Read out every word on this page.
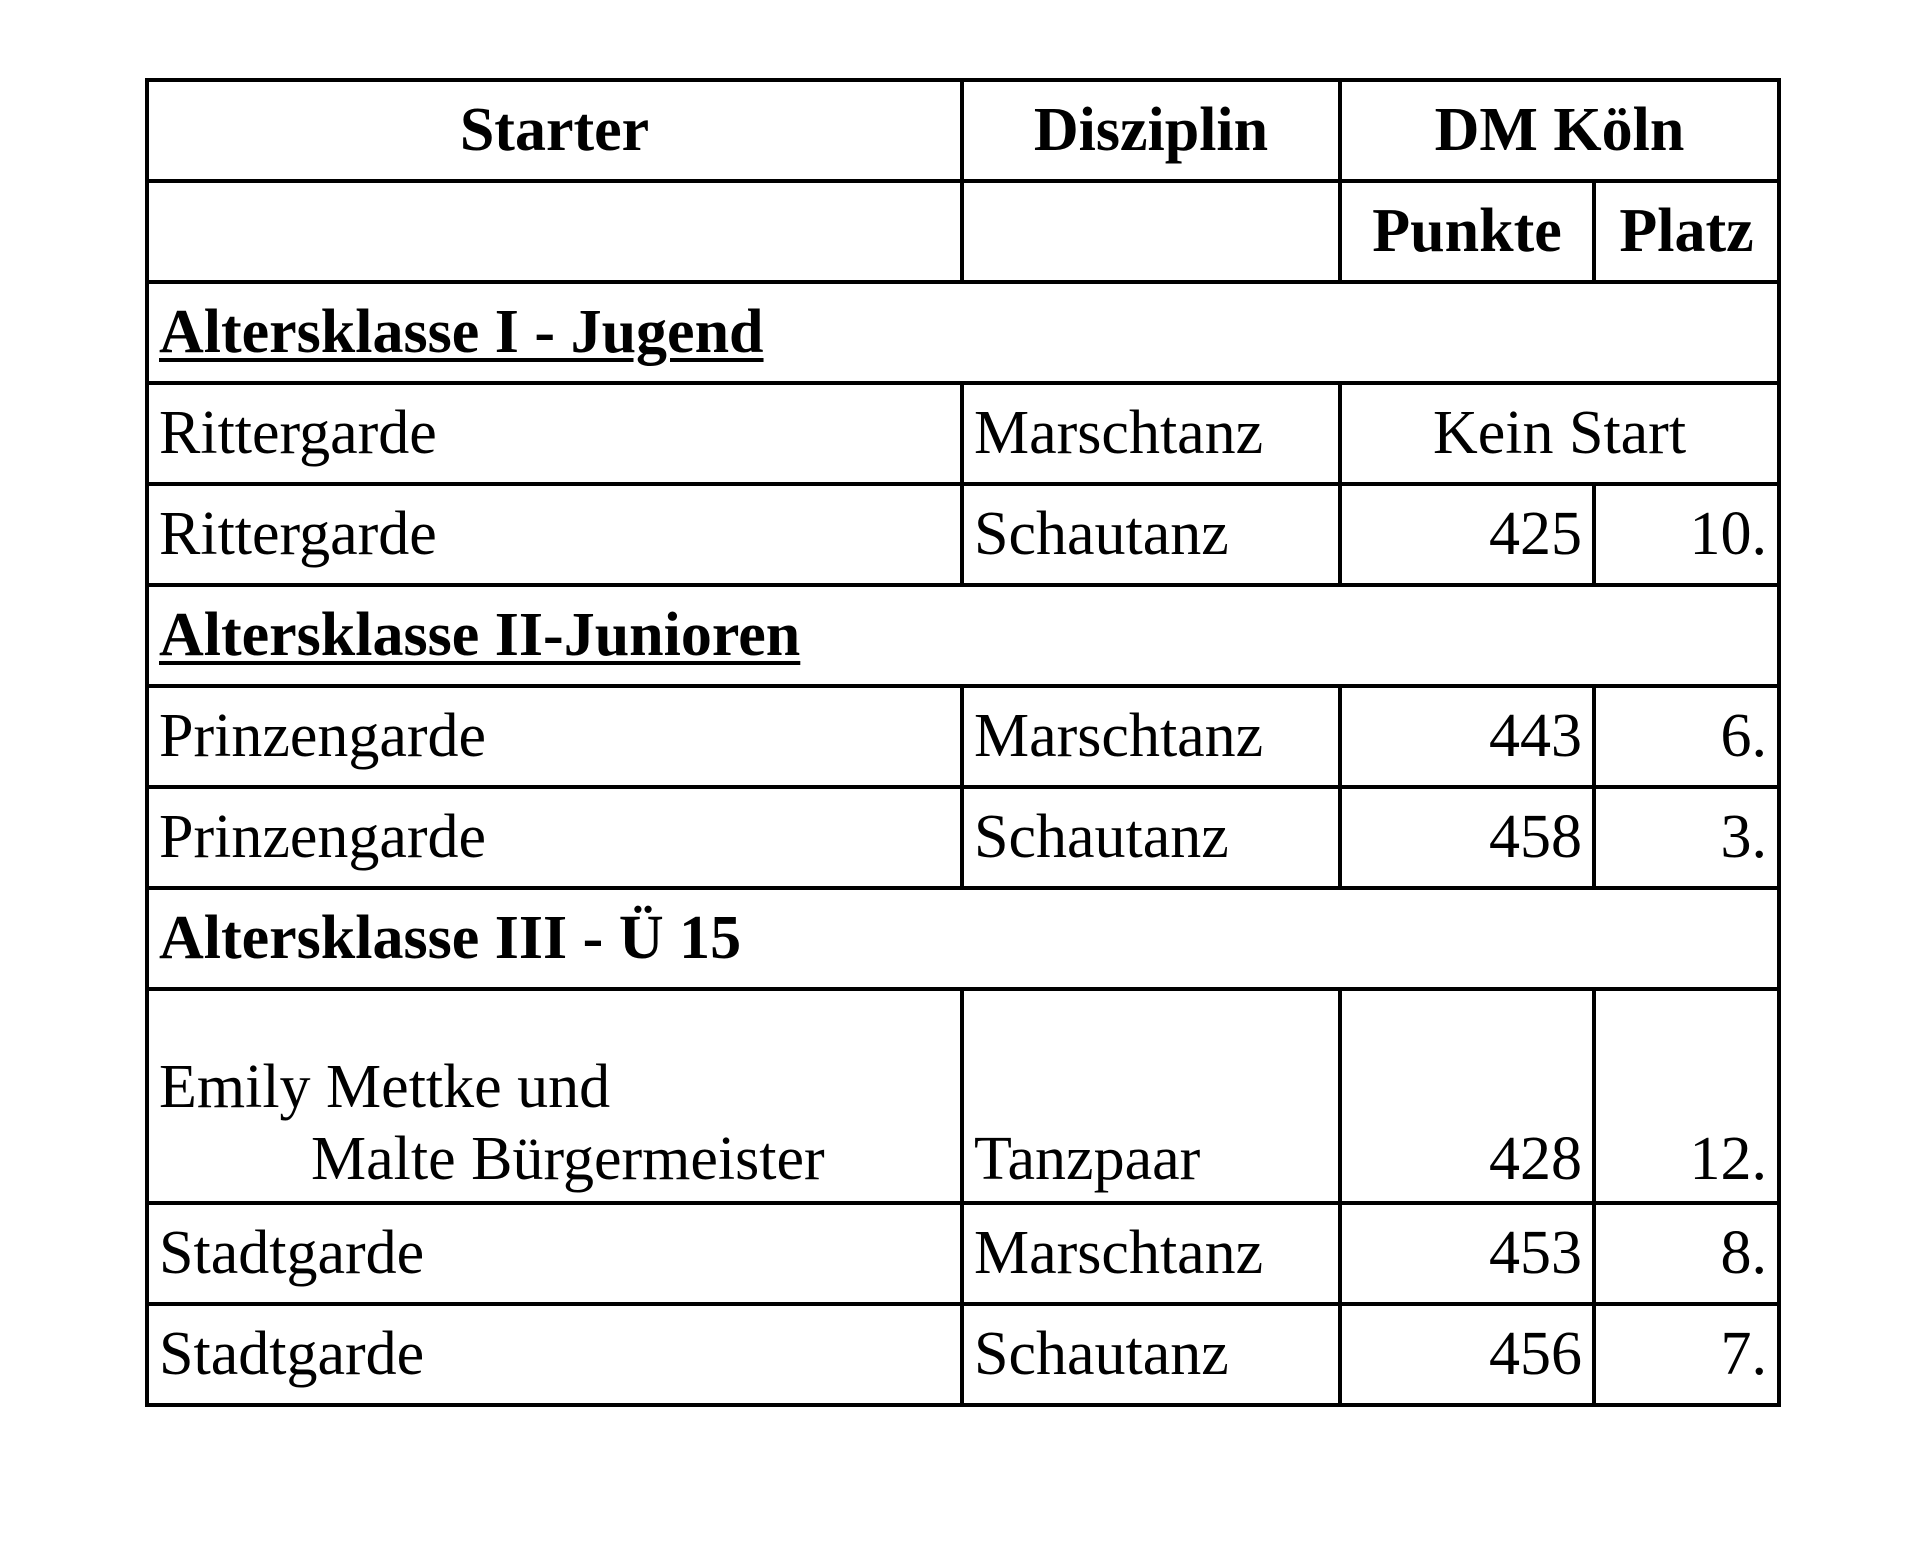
Starter	Disziplin	DM Köln	
		Punkte	Platz
Altersklasse I - Jugend			
Rittergarde	Marschtanz	Kein Start	
Rittergarde	Schautanz	425	10.
Altersklasse II-Junioren			
Prinzengarde	Marschtanz	443	6.
Prinzengarde	Schautanz	458	3.
Altersklasse III - Ü 15			

Emily Mettke und
Malte Bürgermeister	Tanzpaar	428	12.
Stadtgarde	Marschtanz	453	8.
Stadtgarde	Schautanz	456	7.
